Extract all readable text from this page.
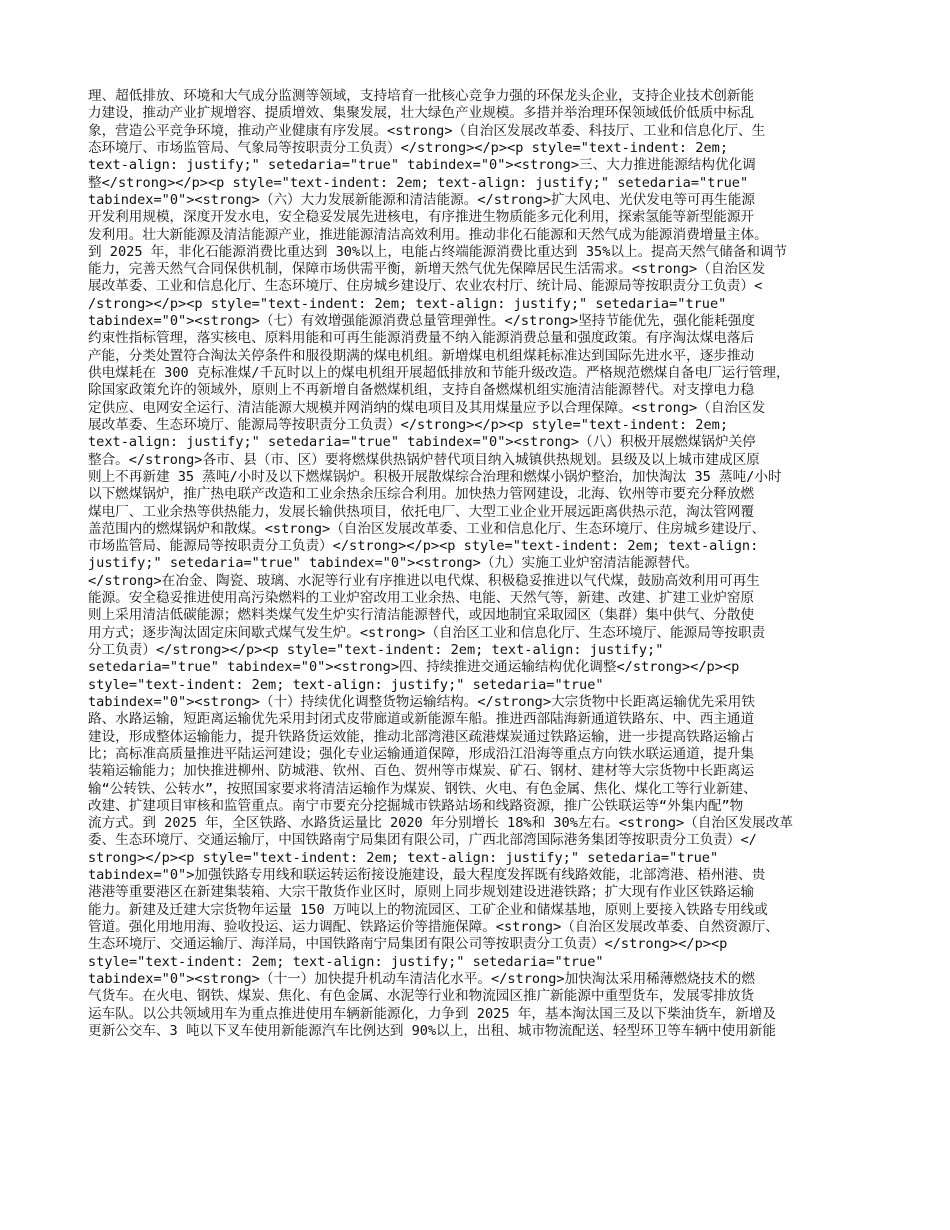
理、超低排放、环境和大气成分监测等领域，支持培育一批核心竞争力强的环保龙头企业，支持企业技术创新能
力建设，推动产业扩规增容、提质增效、集聚发展，壮大绿色产业规模。多措并举治理环保领域低价低质中标乱
象，营造公平竞争环境，推动产业健康有序发展。<strong>（自治区发展改革委、科技厅、工业和信息化厅、生
态环境厅、市场监管局、气象局等按职责分工负责）</strong></p><p style="text-indent: 2em;
text-align: justify;" setedaria="true" tabindex="0"><strong>三、大力推进能源结构优化调
整</strong></p><p style="text-indent: 2em; text-align: justify;" setedaria="true"
tabindex="0"><strong>（六）大力发展新能源和清洁能源。</strong>扩大风电、光伏发电等可再生能源
开发利用规模，深度开发水电，安全稳妥发展先进核电，有序推进生物质能多元化利用，探索氢能等新型能源开
发利用。壮大新能源及清洁能源产业，推进能源清洁高效利用。推动非化石能源和天然气成为能源消费增量主体。
到 2025 年，非化石能源消费比重达到 30%以上，电能占终端能源消费比重达到 35%以上。提高天然气储备和调节
能力，完善天然气合同保供机制，保障市场供需平衡，新增天然气优先保障居民生活需求。<strong>（自治区发
展改革委、工业和信息化厅、生态环境厅、住房城乡建设厅、农业农村厅、统计局、能源局等按职责分工负责）<
/strong></p><p style="text-indent: 2em; text-align: justify;" setedaria="true"
tabindex="0"><strong>（七）有效增强能源消费总量管理弹性。</strong>坚持节能优先，强化能耗强度
约束性指标管理，落实核电、原料用能和可再生能源消费量不纳入能源消费总量和强度政策。有序淘汰煤电落后
产能，分类处置符合淘汰关停条件和服役期满的煤电机组。新增煤电机组煤耗标准达到国际先进水平，逐步推动
供电煤耗在 300 克标准煤/千瓦时以上的煤电机组开展超低排放和节能升级改造。严格规范燃煤自备电厂运行管理，
除国家政策允许的领域外，原则上不再新增自备燃煤机组，支持自备燃煤机组实施清洁能源替代。对支撑电力稳
定供应、电网安全运行、清洁能源大规模并网消纳的煤电项目及其用煤量应予以合理保障。<strong>（自治区发
展改革委、生态环境厅、能源局等按职责分工负责）</strong></p><p style="text-indent: 2em;
text-align: justify;" setedaria="true" tabindex="0"><strong>（八）积极开展燃煤锅炉关停
整合。</strong>各市、县（市、区）要将燃煤供热锅炉替代项目纳入城镇供热规划。县级及以上城市建成区原
则上不再新建 35 蒸吨/小时及以下燃煤锅炉。积极开展散煤综合治理和燃煤小锅炉整治，加快淘汰 35 蒸吨/小时
以下燃煤锅炉，推广热电联产改造和工业余热余压综合利用。加快热力管网建设，北海、钦州等市要充分释放燃
煤电厂、工业余热等供热能力，发展长输供热项目，依托电厂、大型工业企业开展远距离供热示范，淘汰管网覆
盖范围内的燃煤锅炉和散煤。<strong>（自治区发展改革委、工业和信息化厅、生态环境厅、住房城乡建设厅、
市场监管局、能源局等按职责分工负责）</strong></p><p style="text-indent: 2em; text-align:
justify;" setedaria="true" tabindex="0"><strong>（九）实施工业炉窑清洁能源替代。
</strong>在冶金、陶瓷、玻璃、水泥等行业有序推进以电代煤、积极稳妥推进以气代煤，鼓励高效利用可再生
能源。安全稳妥推进使用高污染燃料的工业炉窑改用工业余热、电能、天然气等，新建、改建、扩建工业炉窑原
则上采用清洁低碳能源；燃料类煤气发生炉实行清洁能源替代，或因地制宜采取园区（集群）集中供气、分散使
用方式；逐步淘汰固定床间歇式煤气发生炉。<strong>（自治区工业和信息化厅、生态环境厅、能源局等按职责
分工负责）</strong></p><p style="text-indent: 2em; text-align: justify;"
setedaria="true" tabindex="0"><strong>四、持续推进交通运输结构优化调整</strong></p><p
style="text-indent: 2em; text-align: justify;" setedaria="true"
tabindex="0"><strong>（十）持续优化调整货物运输结构。</strong>大宗货物中长距离运输优先采用铁
路、水路运输，短距离运输优先采用封闭式皮带廊道或新能源车船。推进西部陆海新通道铁路东、中、西主通道
建设，形成整体运输能力，提升铁路货运效能，推动北部湾港区疏港煤炭通过铁路运输，进一步提高铁路运输占
比；高标准高质量推进平陆运河建设；强化专业运输通道保障，形成沿江沿海等重点方向铁水联运通道，提升集
装箱运输能力；加快推进柳州、防城港、钦州、百色、贺州等市煤炭、矿石、钢材、建材等大宗货物中长距离运
输“公转铁、公转水”，按照国家要求将清洁运输作为煤炭、钢铁、火电、有色金属、焦化、煤化工等行业新建、
改建、扩建项目审核和监管重点。南宁市要充分挖掘城市铁路站场和线路资源，推广公铁联运等“外集内配”物
流方式。到 2025 年，全区铁路、水路货运量比 2020 年分别增长 18%和 30%左右。<strong>（自治区发展改革
委、生态环境厅、交通运输厅，中国铁路南宁局集团有限公司，广西北部湾国际港务集团等按职责分工负责）</
strong></p><p style="text-indent: 2em; text-align: justify;" setedaria="true"
tabindex="0">加强铁路专用线和联运转运衔接设施建设，最大程度发挥既有线路效能，北部湾港、梧州港、贵
港港等重要港区在新建集装箱、大宗干散货作业区时，原则上同步规划建设进港铁路；扩大现有作业区铁路运输
能力。新建及迁建大宗货物年运量 150 万吨以上的物流园区、工矿企业和储煤基地，原则上要接入铁路专用线或
管道。强化用地用海、验收投运、运力调配、铁路运价等措施保障。<strong>（自治区发展改革委、自然资源厅、
生态环境厅、交通运输厅、海洋局，中国铁路南宁局集团有限公司等按职责分工负责）</strong></p><p
style="text-indent: 2em; text-align: justify;" setedaria="true"
tabindex="0"><strong>（十一）加快提升机动车清洁化水平。</strong>加快淘汰采用稀薄燃烧技术的燃
气货车。在火电、钢铁、煤炭、焦化、有色金属、水泥等行业和物流园区推广新能源中重型货车，发展零排放货
运车队。以公共领域用车为重点推进使用车辆新能源化，力争到 2025 年，基本淘汰国三及以下柴油货车，新增及
更新公交车、3 吨以下叉车使用新能源汽车比例达到 90%以上，出租、城市物流配送、轻型环卫等车辆中使用新能
